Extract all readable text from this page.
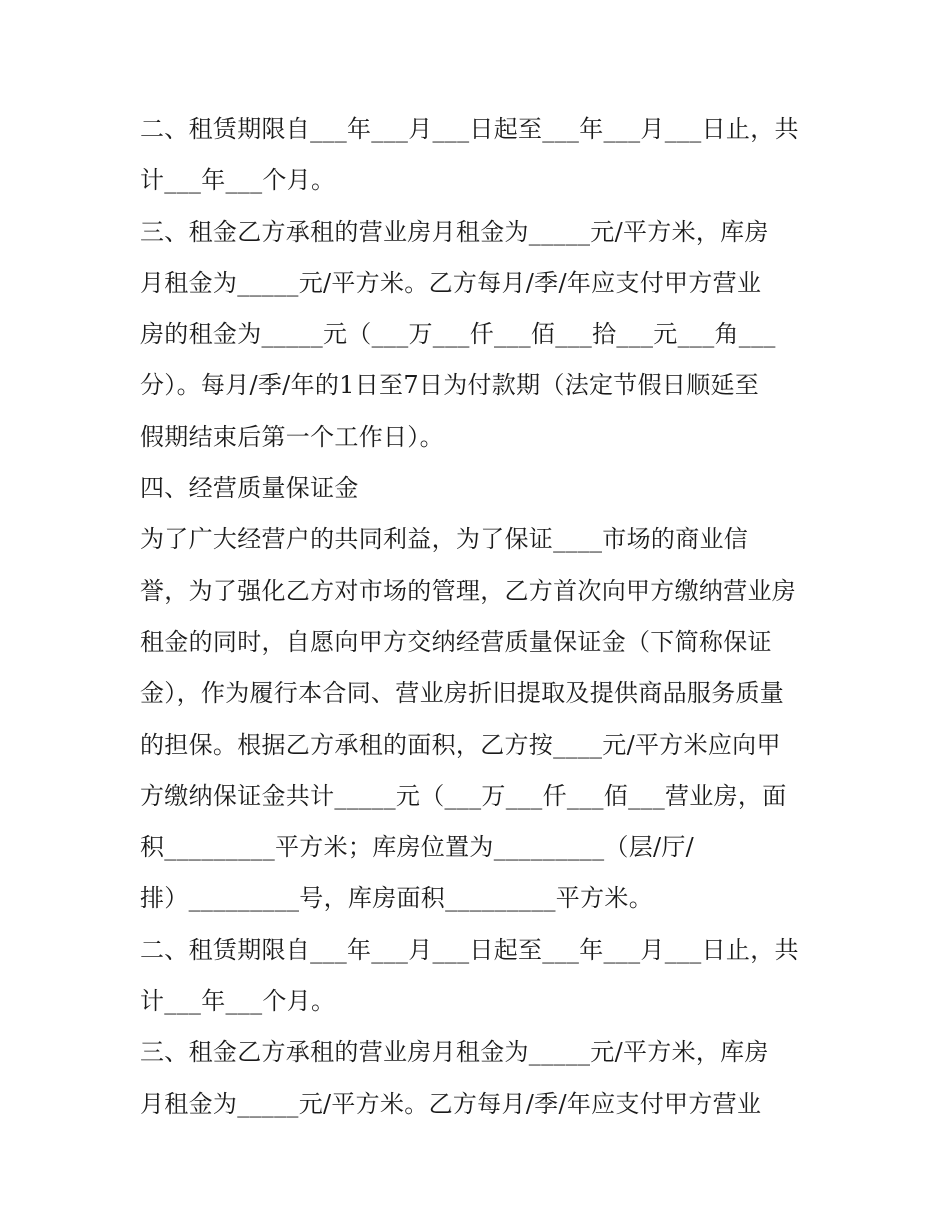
二、租赁期限自___年___月___日起至___年___月___日止，共
计___年___个月。
三、租金乙方承租的营业房月租金为_____元/平方米，库房
月租金为_____元/平方米。乙方每月/季/年应支付甲方营业
房的租金为_____元（___万___仟___佰___拾___元___角___
分）。每月/季/年的1日至7日为付款期（法定节假日顺延至
假期结束后第一个工作日）。
四、经营质量保证金
为了广大经营户的共同利益，为了保证____市场的商业信
誉，为了强化乙方对市场的管理，乙方首次向甲方缴纳营业房
租金的同时，自愿向甲方交纳经营质量保证金（下简称保证
金），作为履行本合同、营业房折旧提取及提供商品服务质量
的担保。根据乙方承租的面积，乙方按____元/平方米应向甲
方缴纳保证金共计_____元（___万___仟___佰___营业房，面
积_________平方米；库房位置为_________（层/厅/
排）_________号，库房面积_________平方米。
二、租赁期限自___年___月___日起至___年___月___日止，共
计___年___个月。
三、租金乙方承租的营业房月租金为_____元/平方米，库房
月租金为_____元/平方米。乙方每月/季/年应支付甲方营业
